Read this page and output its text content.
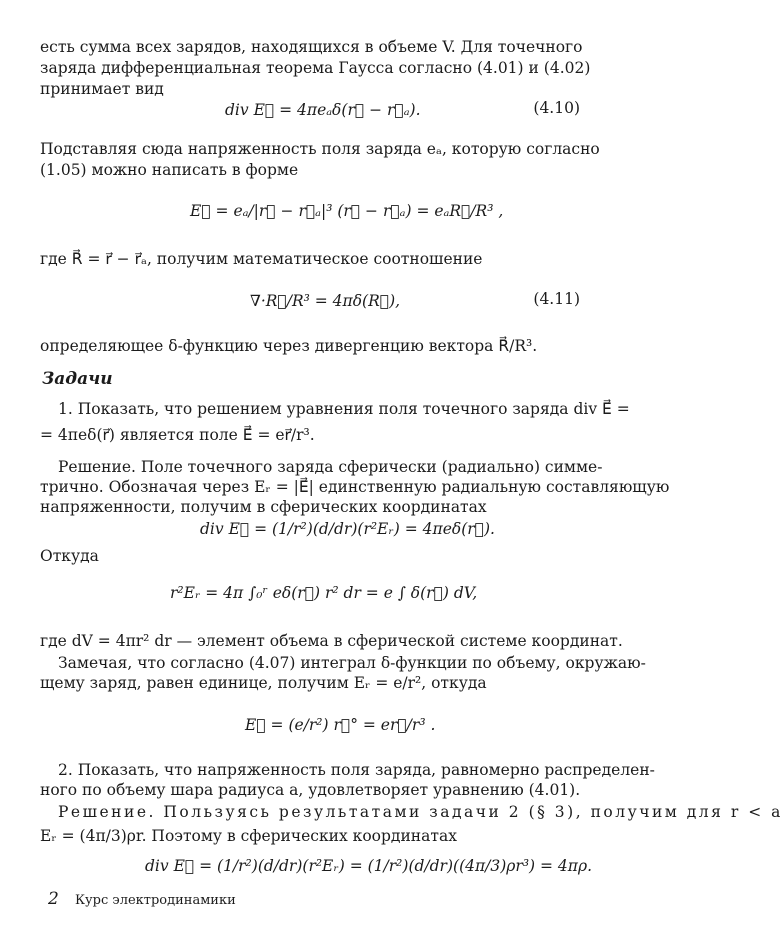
есть сумма всех зарядов, находящихся в объеме V. Для точечного
заряда дифференциальная теорема Гаусса согласно (4.01) и (4.02)
принимает вид
div E⃗ = 4πeₐδ(r⃗ − r⃗ₐ).	(4.10)
Подставляя сюда напряженность поля заряда eₐ, которую согласно
(1.05) можно написать в форме
E⃗ = eₐ/|r⃗ − r⃗ₐ|³ (r⃗ − r⃗ₐ) = eₐR⃗/R³ ,
где R⃗ = r⃗ − r⃗ₐ, получим математическое соотношение
∇·R⃗/R³ = 4πδ(R⃗),	(4.11)
определяющее δ-функцию через дивергенцию вектора R⃗/R³.
Задачи
1. Показать, что решением уравнения поля точечного заряда div E⃗ =
= 4πeδ(r⃗) является поле E⃗ = er⃗/r³.
Решение. Поле точечного заряда сферически (радиально) симме-
трично. Обозначая через Eᵣ = |E⃗| единственную радиальную составляющую
напряженности, получим в сферических координатах
div E⃗ = (1/r²)(d/dr)(r²Eᵣ) = 4πeδ(r⃗).
Откуда
r²Eᵣ = 4π ∫₀ʳ eδ(r⃗) r² dr = e ∫ δ(r⃗) dV,
где dV = 4πr² dr — элемент объема в сферической системе координат.
Замечая, что согласно (4.07) интеграл δ-функции по объему, окружаю-
щему заряд, равен единице, получим Eᵣ = e/r², откуда
E⃗ = (e/r²) r⃗° = er⃗/r³ .
2. Показать, что напряженность поля заряда, равномерно распределен-
ного по объему шара радиуса a, удовлетворяет уравнению (4.01).
Решение. Пользуясь результатами задачи 2 (§ 3), получим для r < a
Eᵣ = (4π/3)ρr. Поэтому в сферических координатах
div E⃗ = (1/r²)(d/dr)(r²Eᵣ) = (1/r²)(d/dr)((4π/3)ρr³) = 4πρ.
2 Курс электродинамики
